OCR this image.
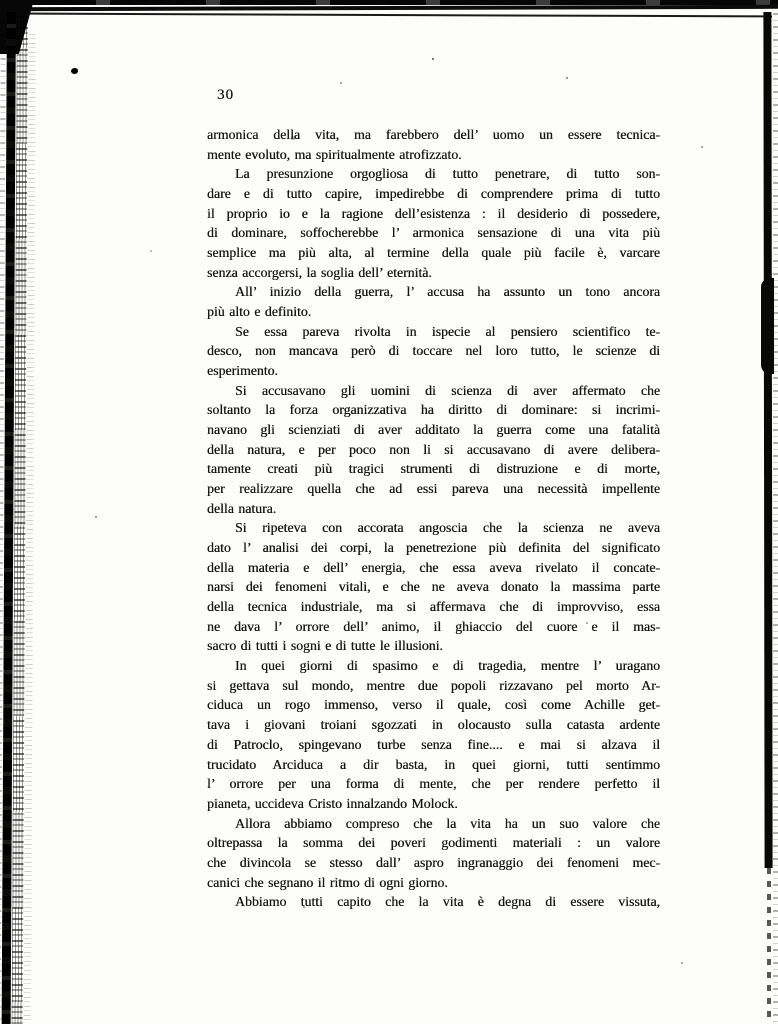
30
armonica della vita, ma farebbero dell’ uomo un essere tecnica-
mente evoluto, ma spiritualmente atrofizzato.
La presunzione orgogliosa di tutto penetrare, di tutto son-
dare e di tutto capire, impedirebbe di comprendere prima di tutto
il proprio io e la ragione dell’esistenza : il desiderio di possedere,
di dominare, soffocherebbe l’ armonica sensazione di una vita più
semplice ma più alta, al termine della quale più facile è, varcare
senza accorgersi, la soglia dell’ eternità.
All’ inizio della guerra, l’ accusa ha assunto un tono ancora
più alto e definito.
Se essa pareva rivolta in ispecie al pensiero scientifico te-
desco, non mancava però di toccare nel loro tutto, le scienze di
esperimento.
Si accusavano gli uomini di scienza di aver affermato che
soltanto la forza organizzativa ha diritto di dominare: si incrimi-
navano gli scienziati di aver additato la guerra come una fatalità
della natura, e per poco non li si accusavano di avere delibera-
tamente creati più tragici strumenti di distruzione e di morte,
per realizzare quella che ad essi pareva una necessità impellente
della natura.
Si ripeteva con accorata angoscia che la scienza ne aveva
dato l’ analisi dei corpi, la penetrezione più definita del significato
della materia e dell’ energia, che essa aveva rivelato il concate-
narsi dei fenomeni vitali, e che ne aveva donato la massima parte
della tecnica industriale, ma si affermava che di improvviso, essa
ne dava l’ orrore dell’ animo, il ghiaccio del cuore e il mas-
sacro di tutti i sogni e di tutte le illusioni.
In quei giorni di spasimo e di tragedia, mentre l’ uragano
si gettava sul mondo, mentre due popoli rizzavano pel morto Ar-
ciduca un rogo immenso, verso il quale, così come Achille get-
tava i giovani troiani sgozzati in olocausto sulla catasta ardente
di Patroclo, spingevano turbe senza fine.... e mai si alzava il
trucidato Arciduca a dir basta, in quei giorni, tutti sentimmo
l’ orrore per una forma di mente, che per rendere perfetto il
pianeta, uccideva Cristo innalzando Molock.
Allora abbiamo compreso che la vita ha un suo valore che
oltrepassa la somma dei poveri godimenti materiali : un valore
che divincola se stesso dall’ aspro ingranaggio dei fenomeni mec-
canici che segnano il ritmo di ogni giorno.
Abbiamo tutti capito che la vita è degna di essere vissuta,
